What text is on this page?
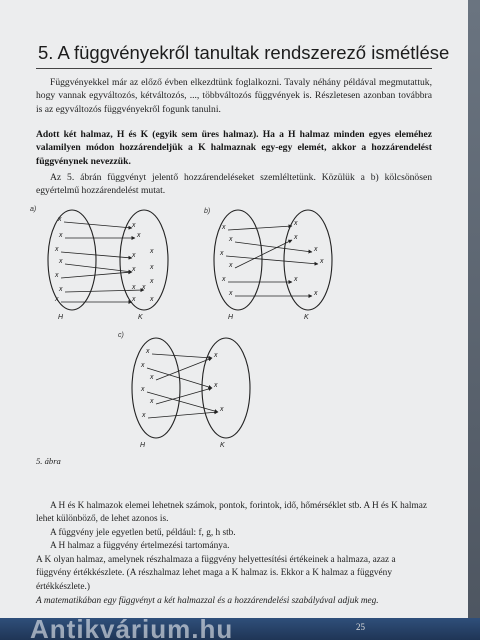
5. A függvényekről tanultak rendszerező ismétlése

Függvényekkel már az előző évben elkezdtünk foglalkozni. Tavaly néhány példával megmutattuk, hogy vannak egyváltozós, kétváltozós, ..., többváltozós függvények is. Részletesen azonban továbbra is az egyváltozós függvényekről fogunk tanulni.

Adott két halmaz, H és K (egyik sem üres halmaz). Ha a H halmaz minden egyes eleméhez valamilyen módon hozzárendeljük a K halmaznak egy-egy elemét, akkor a hozzárendelést függvénynek nevezzük.

Az 5. ábrán függvényt jelentő hozzárendeléseket szemléltetünk. Közülük a b) kölcsönösen egyértelmű hozzárendelést mutat.

a)	b)
c)
H	K	H	K
H	K
x
x
x
x
x
x
x
x
x
x
x
x x
x x
x
x x
x
x
x
x
x
x
x
x
x
x
x
x
x
x
x
x
x
x
x
x
x
5. ábra

A H és K halmazok elemei lehetnek számok, pontok, forintok, idő, hőmérséklet stb. A H és K halmaz lehet különböző, de lehet azonos is.

A függvény jele egyetlen betű, például: f, g, h stb.

A H halmaz a függvény értelmezési tartománya.

A K olyan halmaz, amelynek részhalmaza a függvény helyettesítési értékeinek a halmaza, azaz a függvény értékkészlete. (A részhalmaz lehet maga a K halmaz is. Ekkor a K halmaz a függvény értékkészlete.)

A matematikában egy függvényt a két halmazzal és a hozzárendelési szabályával adjuk meg.

Antikvárium.hu	25
